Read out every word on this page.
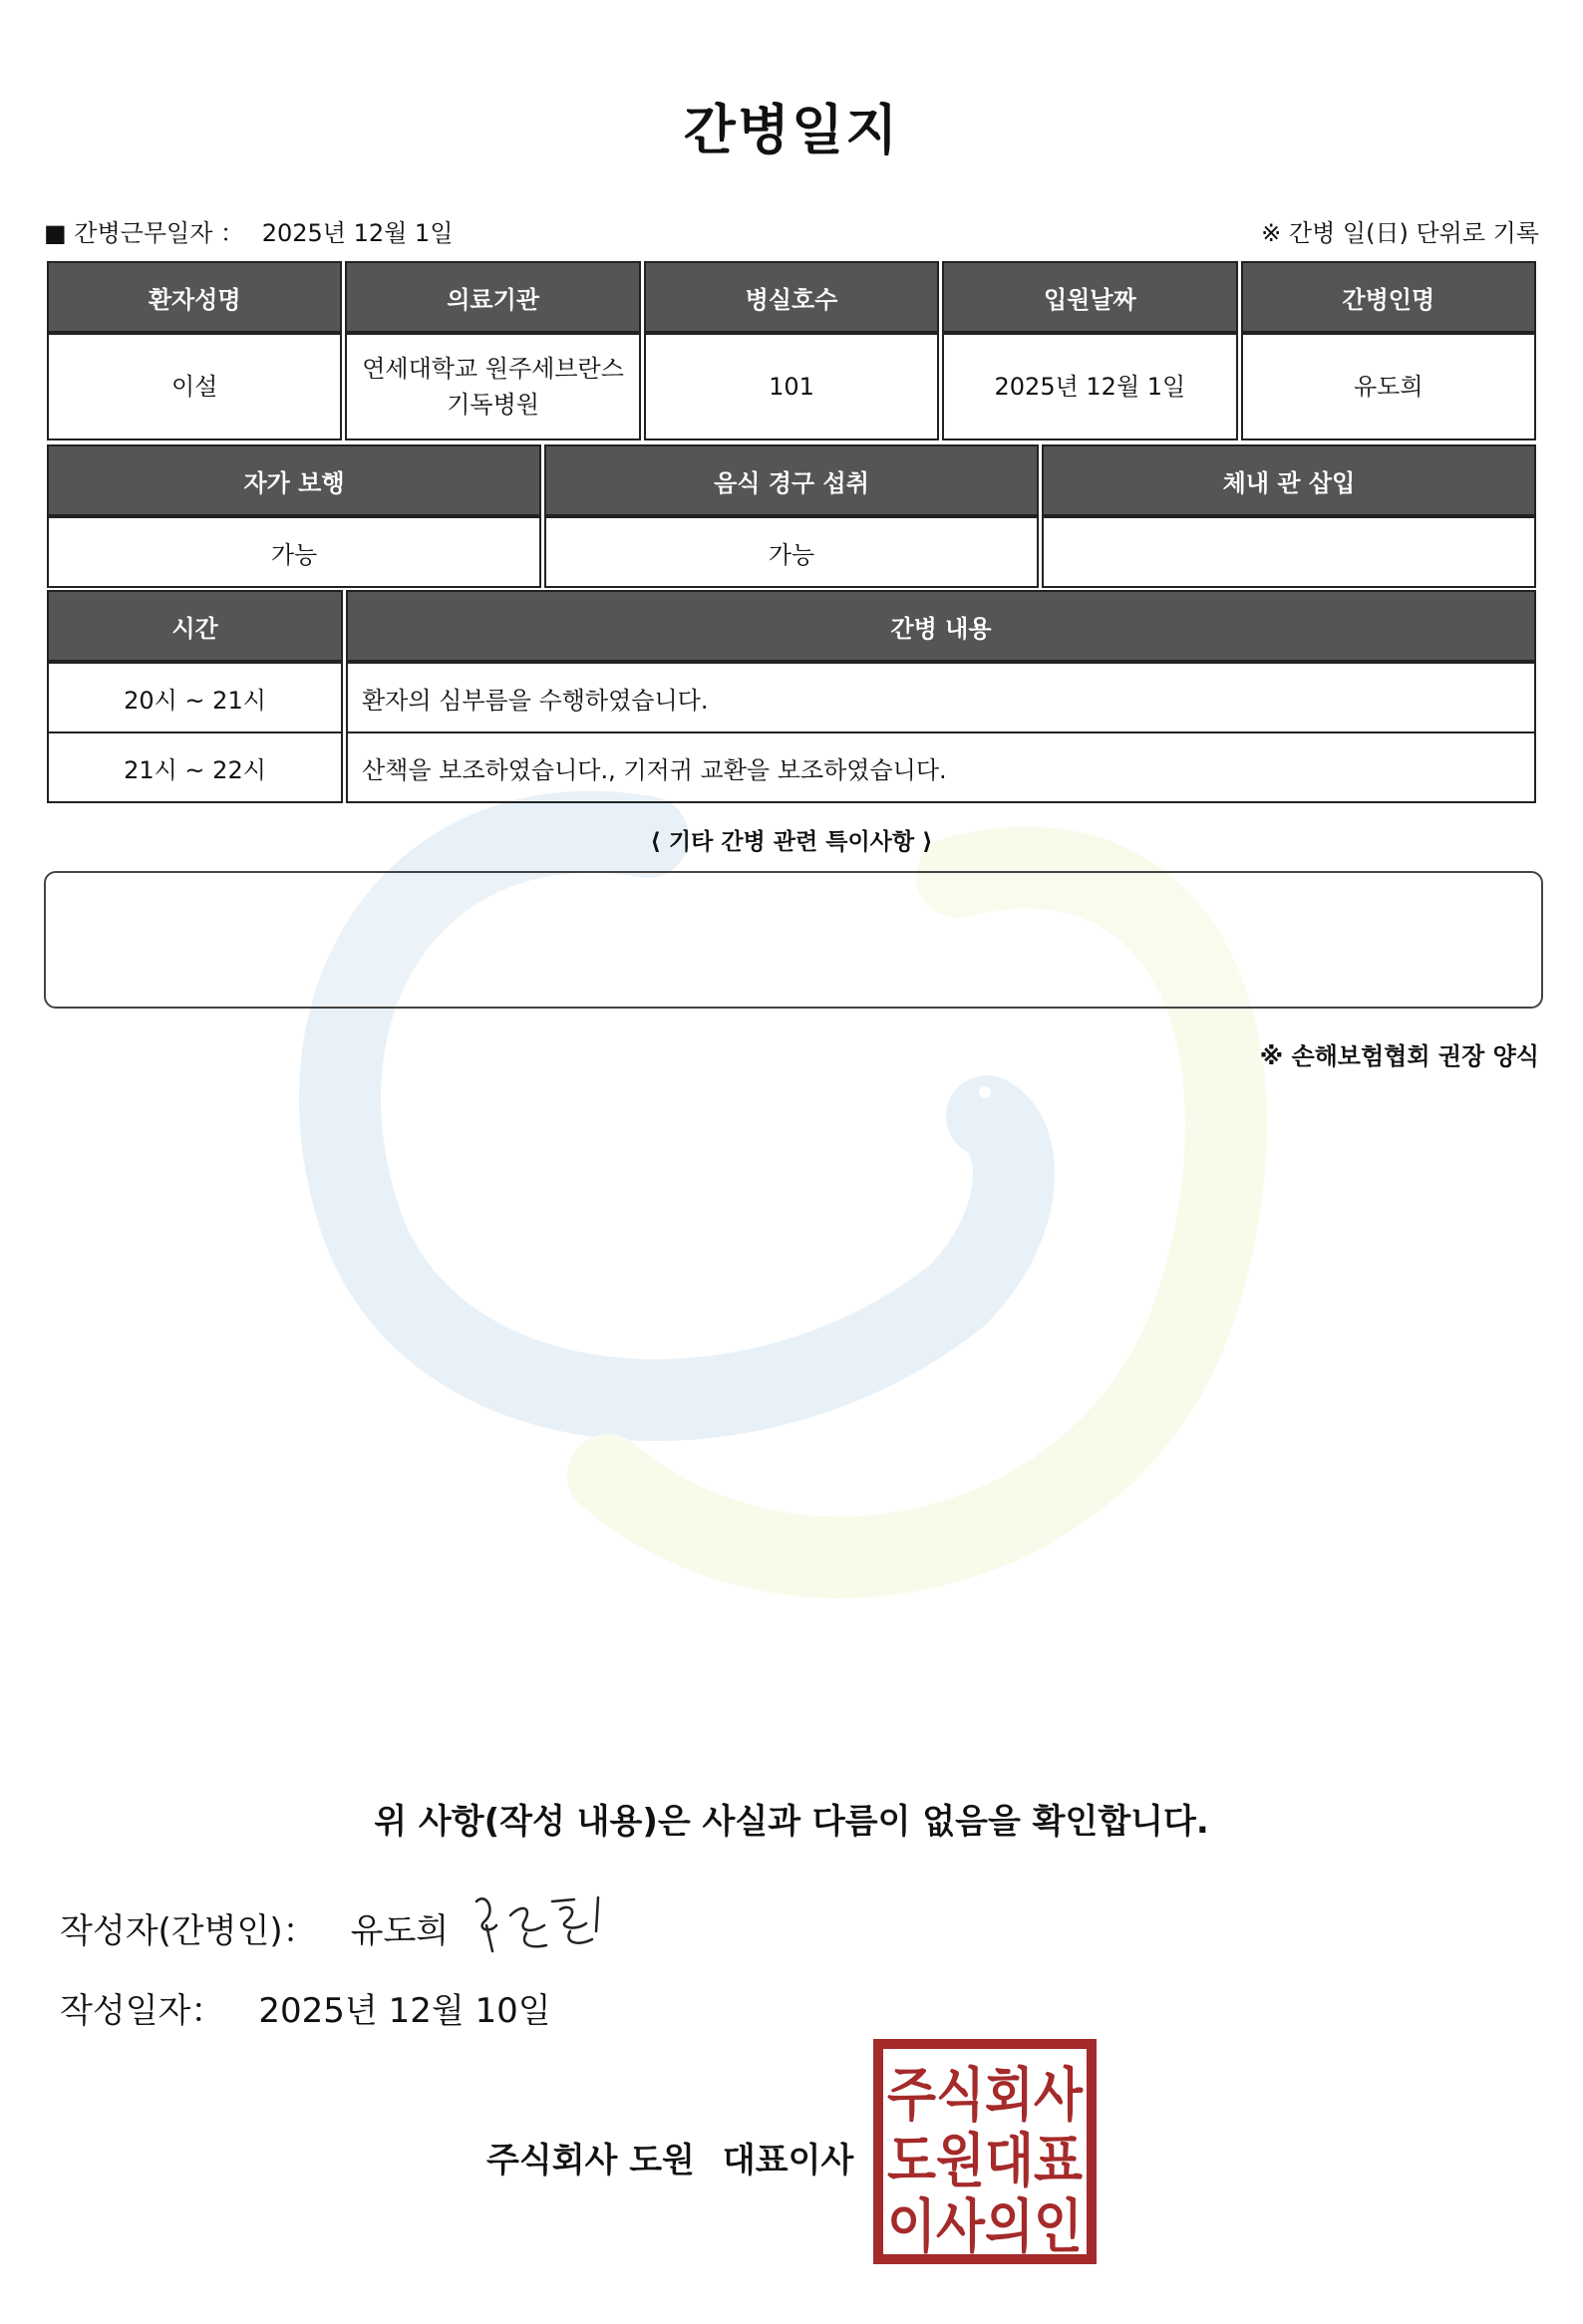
간병일지
■ 간병근무일자 ： 2025년 12월 1일	※ 간병 일(日) 단위로 기록
환자성명	의료기관	병실호수	입원날짜	간병인명
이설	연세대학교 원주세브란스 기독병원	101	2025년 12월 1일	유도희
자가 보행	음식 경구 섭취	체내 관 삽입
가능	가능	
시간	간병 내용
20시 ~ 21시	환자의 심부름을 수행하였습니다.
21시 ~ 22시	산책을 보조하였습니다., 기저귀 교환을 보조하였습니다.
⟨ 기타 간병 관련 특이사항 ⟩
※ 손해보험협회 권장 양식
위 사항(작성 내용)은 사실과 다름이 없음을 확인합니다.
작성자(간병인)： 유도희
작성일자： 2025년 12월 10일
주식회사 도원 대표이사
주식회사
도원대표
이사의인
